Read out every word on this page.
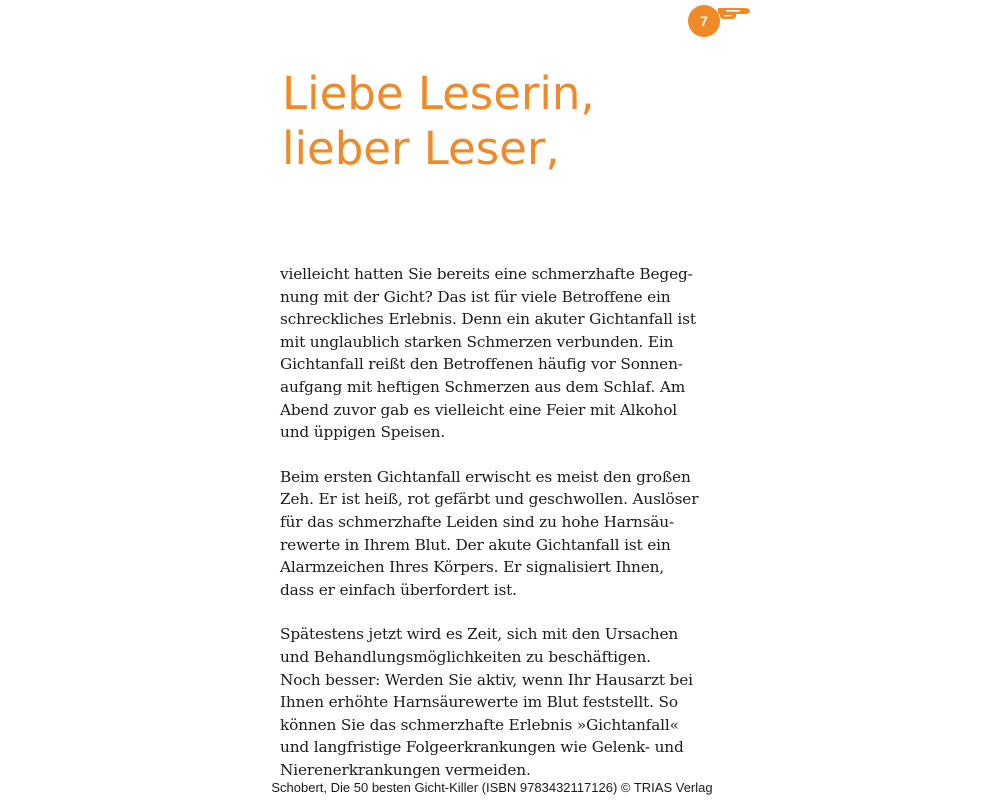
7
Liebe Leserin,
lieber Leser,

vielleicht hatten Sie bereits eine schmerzhafte Begeg-
nung mit der Gicht? Das ist für viele Betroffene ein
schreckliches Erlebnis. Denn ein akuter Gichtanfall ist
mit unglaublich starken Schmerzen verbunden. Ein
Gichtanfall reißt den Betroffenen häufig vor Sonnen-
aufgang mit heftigen Schmerzen aus dem Schlaf. Am
Abend zuvor gab es vielleicht eine Feier mit Alkohol
und üppigen Speisen.

Beim ersten Gichtanfall erwischt es meist den großen
Zeh. Er ist heiß, rot gefärbt und geschwollen. Auslöser
für das schmerzhafte Leiden sind zu hohe Harnsäu-
rewerte in Ihrem Blut. Der akute Gichtanfall ist ein
Alarmzeichen Ihres Körpers. Er signalisiert Ihnen,
dass er einfach überfordert ist.

Spätestens jetzt wird es Zeit, sich mit den Ursachen
und Behandlungsmöglichkeiten zu beschäftigen.
Noch besser: Werden Sie aktiv, wenn Ihr Hausarzt bei
Ihnen erhöhte Harnsäurewerte im Blut feststellt. So
können Sie das schmerzhafte Erlebnis »Gichtanfall«
und langfristige Folgeerkrankungen wie Gelenk- und
Nierenerkrankungen vermeiden.

Schobert, Die 50 besten Gicht-Killer (ISBN 9783432117126) © TRIAS Verlag
